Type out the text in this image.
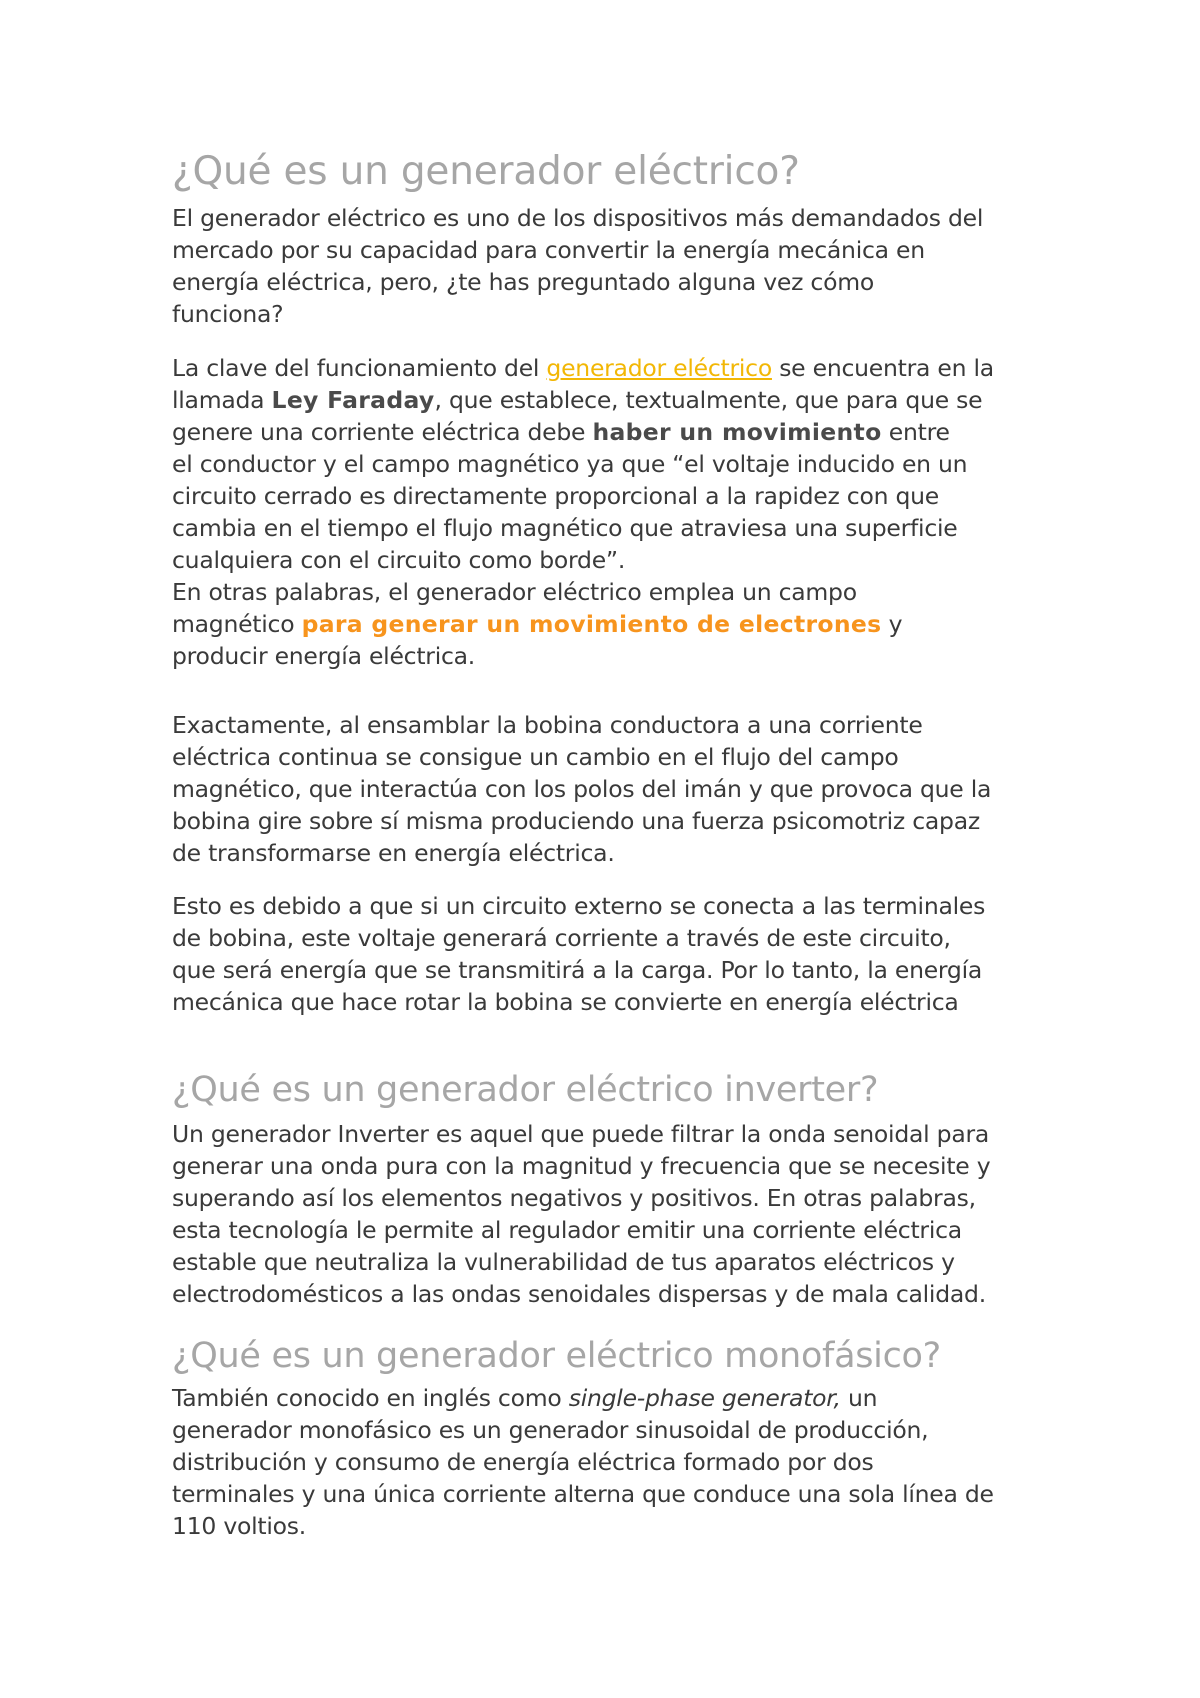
¿Qué es un generador eléctrico?

El generador eléctrico es uno de los dispositivos más demandados del
mercado por su capacidad para convertir la energía mecánica en
energía eléctrica, pero, ¿te has preguntado alguna vez cómo
funciona?

La clave del funcionamiento del generador eléctrico se encuentra en la
llamada Ley Faraday, que establece, textualmente, que para que se
genere una corriente eléctrica debe haber un movimiento entre
el conductor y el campo magnético ya que “el voltaje inducido en un
circuito cerrado es directamente proporcional a la rapidez con que
cambia en el tiempo el flujo magnético que atraviesa una superficie
cualquiera con el circuito como borde”.
En otras palabras, el generador eléctrico emplea un campo
magnético para generar un movimiento de electrones y
producir energía eléctrica.

Exactamente, al ensamblar la bobina conductora a una corriente
eléctrica continua se consigue un cambio en el flujo del campo
magnético, que interactúa con los polos del imán y que provoca que la
bobina gire sobre sí misma produciendo una fuerza psicomotriz capaz
de transformarse en energía eléctrica.

Esto es debido a que si un circuito externo se conecta a las terminales
de bobina, este voltaje generará corriente a través de este circuito,
que será energía que se transmitirá a la carga. Por lo tanto, la energía
mecánica que hace rotar la bobina se convierte en energía eléctrica

¿Qué es un generador eléctrico inverter?

Un generador Inverter es aquel que puede filtrar la onda senoidal para
generar una onda pura con la magnitud y frecuencia que se necesite y
superando así los elementos negativos y positivos. En otras palabras,
esta tecnología le permite al regulador emitir una corriente eléctrica
estable que neutraliza la vulnerabilidad de tus aparatos eléctricos y
electrodomésticos a las ondas senoidales dispersas y de mala calidad.

¿Qué es un generador eléctrico monofásico?

También conocido en inglés como single-phase generator, un
generador monofásico es un generador sinusoidal de producción,
distribución y consumo de energía eléctrica formado por dos
terminales y una única corriente alterna que conduce una sola línea de
110 voltios.
